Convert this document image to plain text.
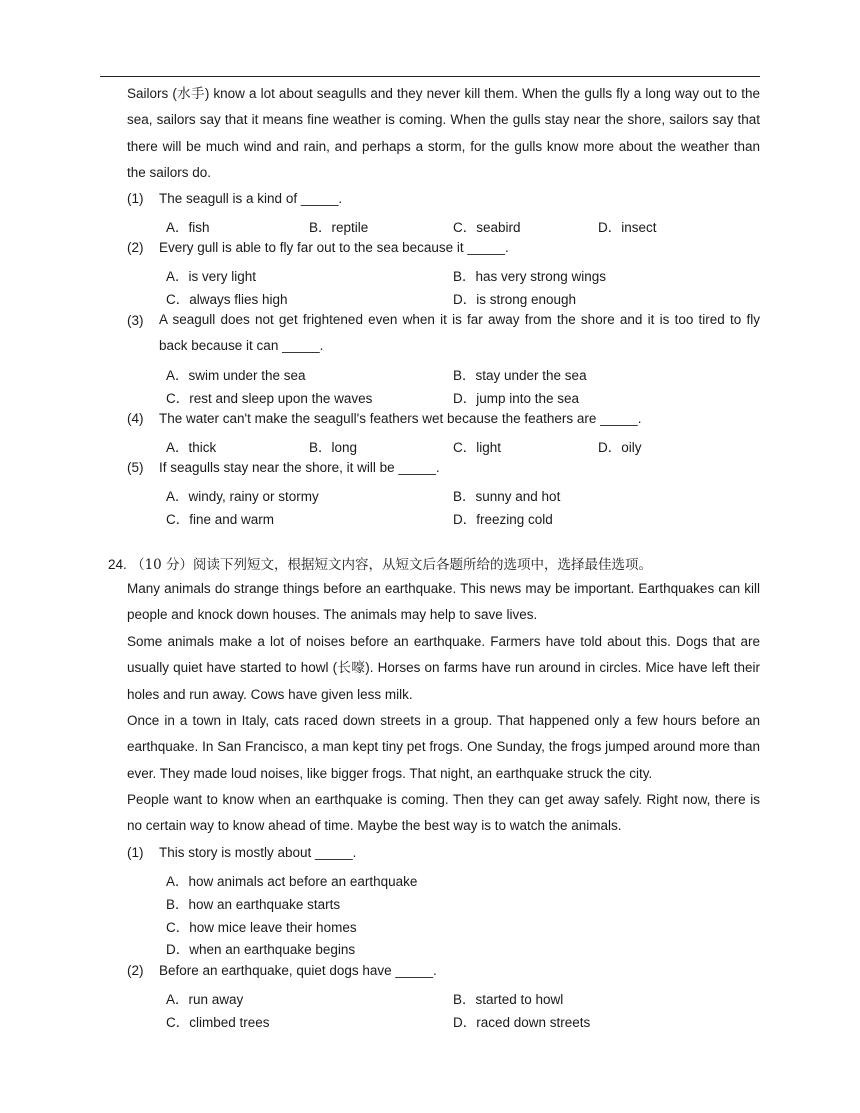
Sailors (水手) know a lot about seagulls and they never kill them. When the gulls fly a long way out to the sea, sailors say that it means fine weather is coming. When the gulls stay near the shore, sailors say that there will be much wind and rain, and perhaps a storm, for the gulls know more about the weather than the sailors do.

(1) The seagull is a kind of _____.
A．fish	B．reptile	C．seabird	D．insect
(2) Every gull is able to fly far out to the sea because it _____.
A．is very light	B．has very strong wings
C．always flies high	D．is strong enough
(3) A seagull does not get frightened even when it is far away from the shore and it is too tired to fly back because it can _____.

A．swim under the sea	B．stay under the sea
C．rest and sleep upon the waves	D．jump into the sea
(4) The water can't make the seagull's feathers wet because the feathers are _____.
A．thick	B．long	C．light	D．oily
(5) If seagulls stay near the shore, it will be _____.
A．windy, rainy or stormy	B．sunny and hot
C．fine and warm	D．freezing cold
24. （10 分）阅读下列短文，根据短文内容，从短文后各题所给的选项中，选择最佳选项。

Many animals do strange things before an earthquake. This news may be important. Earthquakes can kill people and knock down houses. The animals may help to save lives.

Some animals make a lot of noises before an earthquake. Farmers have told about this. Dogs that are usually quiet have started to howl (长嚎). Horses on farms have run around in circles. Mice have left their holes and run away. Cows have given less milk.

Once in a town in Italy, cats raced down streets in a group. That happened only a few hours before an earthquake. In San Francisco, a man kept tiny pet frogs. One Sunday, the frogs jumped around more than ever. They made loud noises, like bigger frogs. That night, an earthquake struck the city.

People want to know when an earthquake is coming. Then they can get away safely. Right now, there is no certain way to know ahead of time. Maybe the best way is to watch the animals.

(1) This story is mostly about _____.
A．how animals act before an earthquake
B．how an earthquake starts
C．how mice leave their homes
D．when an earthquake begins
(2) Before an earthquake, quiet dogs have _____.
A．run away	B．started to howl
C．climbed trees	D．raced down streets
